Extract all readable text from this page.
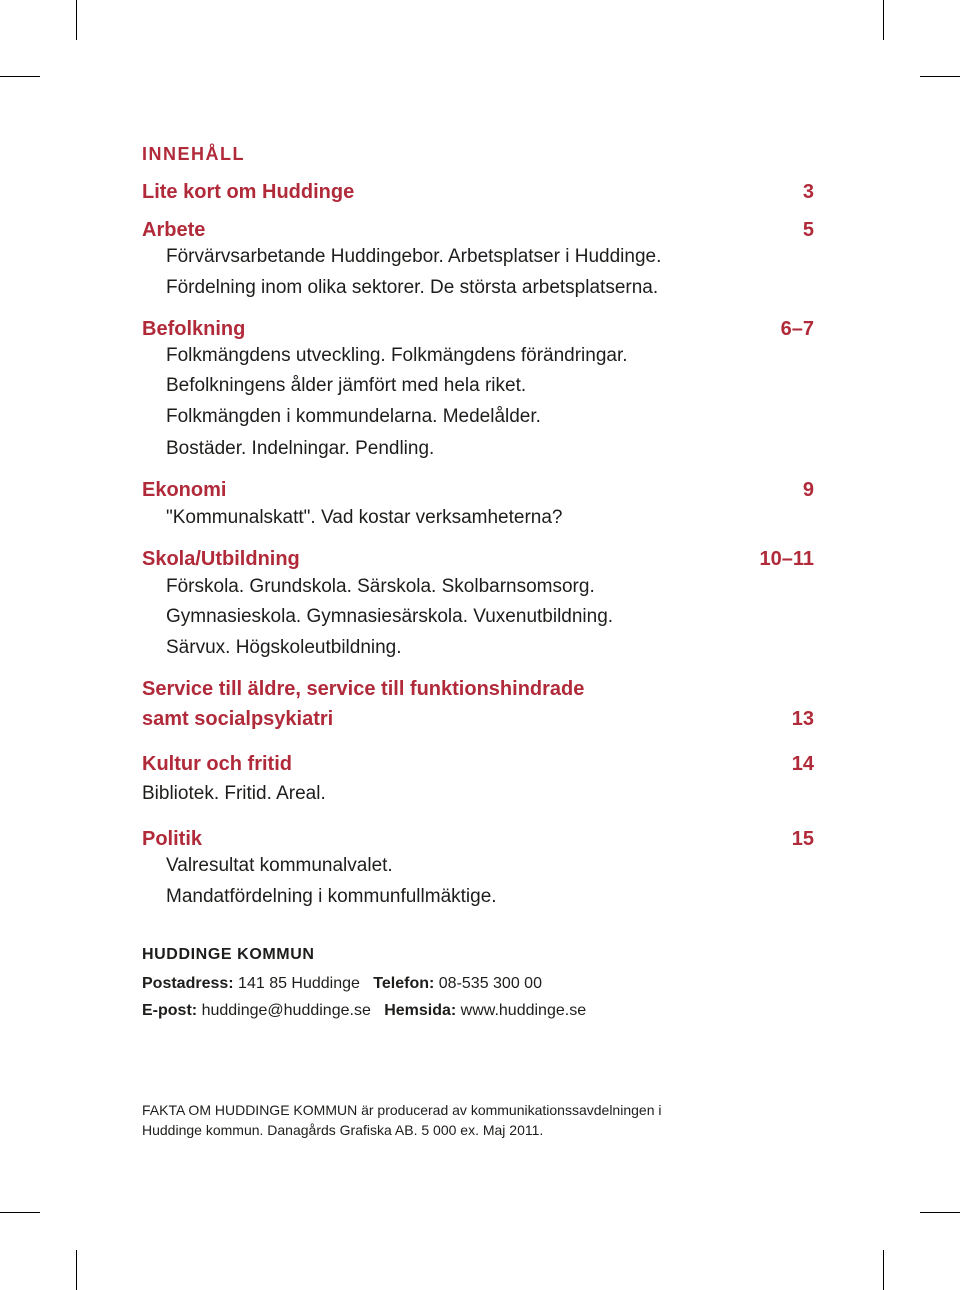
innehåll
Lite kort om Huddinge	3
Arbete	5
Förvärvsarbetande Huddingebor. Arbetsplatser i Huddinge.
Fördelning inom olika sektorer. De största arbetsplatserna.
Befolkning	6–7
Folkmängdens utveckling. Folkmängdens förändringar.
Befolkningens ålder jämfört med hela riket.
Folkmängden i kommundelarna. Medelålder.
Bostäder. Indelningar. Pendling.
Ekonomi	9
"Kommunalskatt". Vad kostar verksamheterna?
Skola/Utbildning	10–11
Förskola. Grundskola. Särskola. Skolbarnsomsorg.
Gymnasieskola. Gymnasiesärskola. Vuxenutbildning.
Särvux. Högskoleutbildning.
Service till äldre, service till funktionshindrade
samt socialpsykiatri	13
Kultur och fritid	14
Bibliotek. Fritid. Areal.
Politik	15
Valresultat kommunalvalet.
Mandatfördelning i kommunfullmäktige.
HUDDINGE KOMMUN
Postadress: 141 85 Huddinge Telefon: 08-535 300 00
E-post: huddinge@huddinge.se Hemsida: www.huddinge.se
FAKTA OM HUDDINGE KOMMUN är producerad av kommunikationssavdelningen i
Huddinge kommun. Danagårds Grafiska AB. 5 000 ex. Maj 2011.
